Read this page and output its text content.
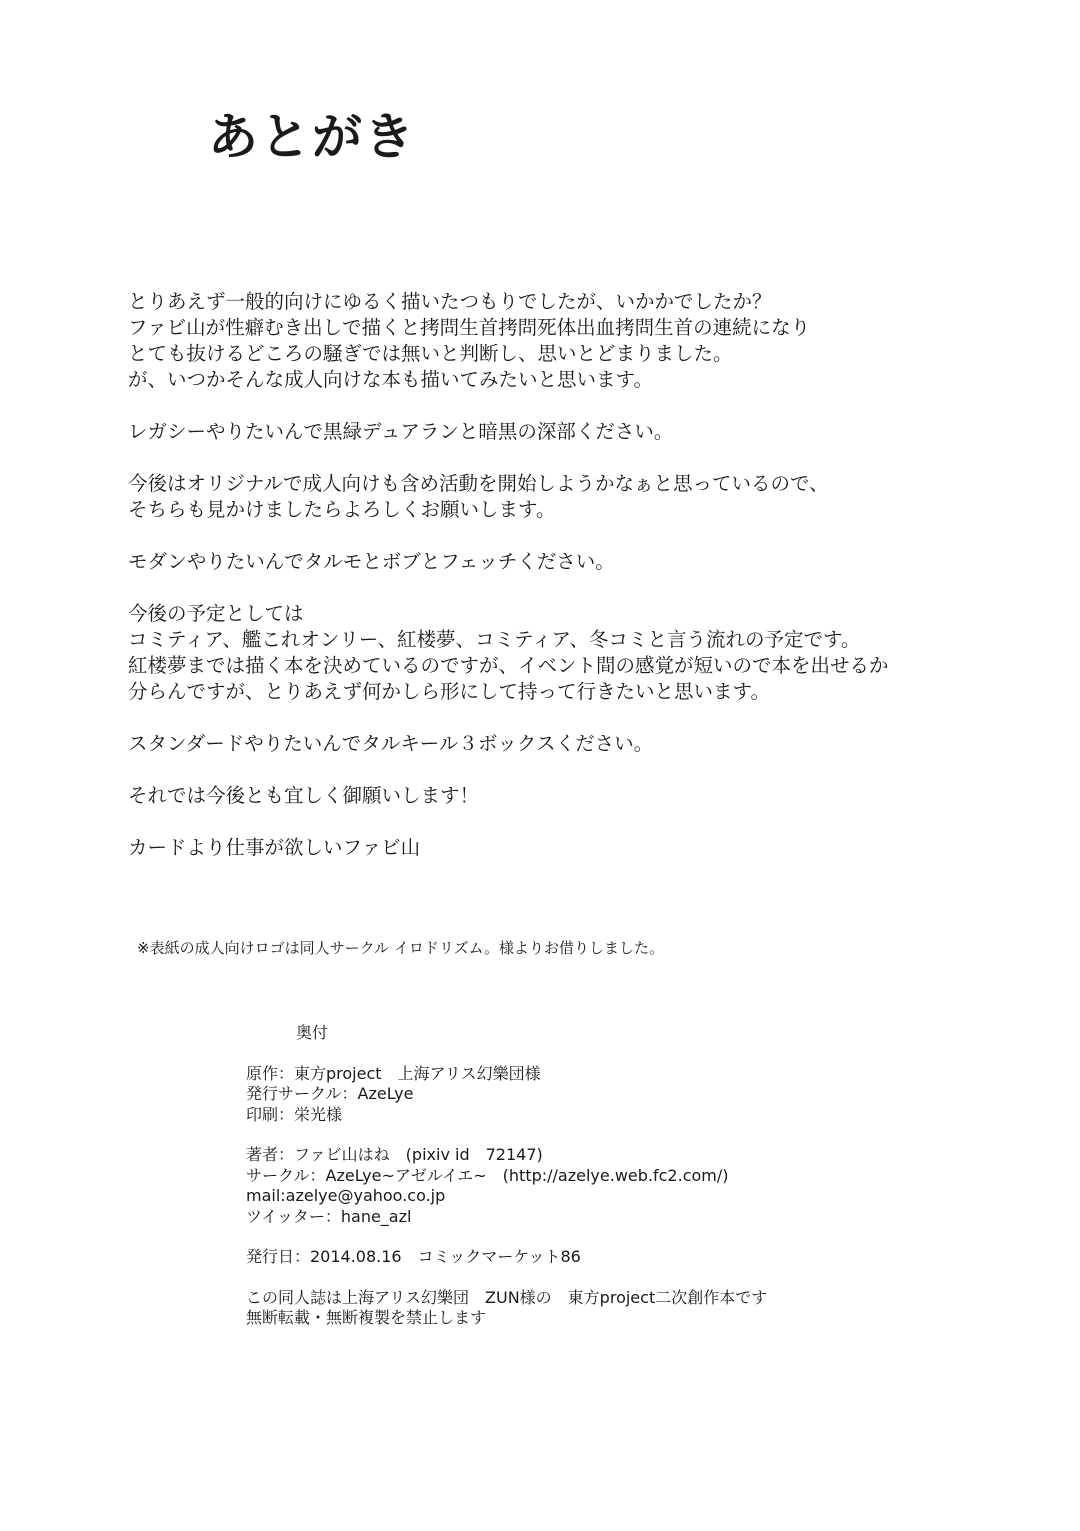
あとがき

とりあえず一般的向けにゆるく描いたつもりでしたが、いかかでしたか？
ファビ山が性癖むき出しで描くと拷問生首拷問死体出血拷問生首の連続になり
とても抜けるどころの騒ぎでは無いと判断し、思いとどまりました。
が、いつかそんな成人向けな本も描いてみたいと思います。

レガシーやりたいんで黒緑デュアランと暗黒の深部ください。

今後はオリジナルで成人向けも含め活動を開始しようかなぁと思っているので、
そちらも見かけましたらよろしくお願いします。

モダンやりたいんでタルモとボブとフェッチください。

今後の予定としては
コミティア、艦これオンリー、紅楼夢、コミティア、冬コミと言う流れの予定です。
紅楼夢までは描く本を決めているのですが、イベント間の感覚が短いので本を出せるか
分らんですが、とりあえず何かしら形にして持って行きたいと思います。

スタンダードやりたいんでタルキール３ボックスください。

それでは今後とも宜しく御願いします！

カードより仕事が欲しいファビ山

※表紙の成人向けロゴは同人サークル イロドリズム。様よりお借りしました。
奥付
原作：東方project　上海アリス幻樂団様
発行サークル：AzeLye
印刷：栄光様
著者：ファビ山はね　(pixiv id　72147)
サークル：AzeLye~アゼルイエ~　(http://azelye.web.fc2.com/)
mail:azelye@yahoo.co.jp
ツイッター：hane_azl
発行日：2014.08.16　コミックマーケット86
この同人誌は上海アリス幻樂団　ZUN様の　東方project二次創作本です
無断転載・無断複製を禁止します
